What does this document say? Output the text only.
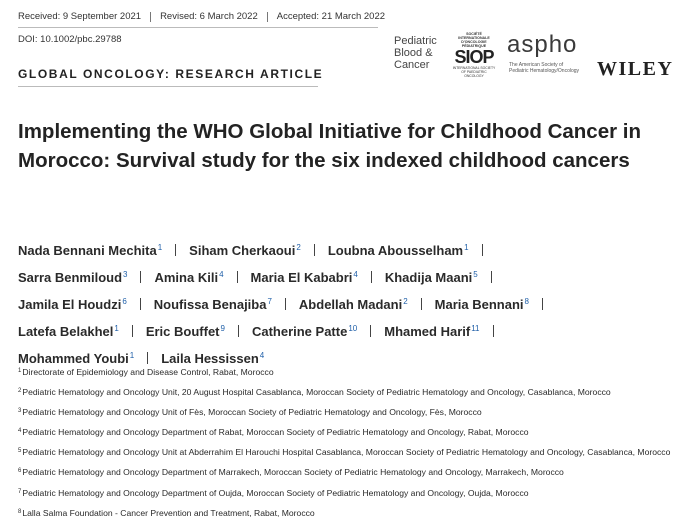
Received: 9 September 2021 Revised: 6 March 2022 Accepted: 21 March 2022
DOI: 10.1002/pbc.29788
GLOBAL ONCOLOGY: RESEARCH ARTICLE
Pediatric
Blood &
Cancer
SOCIÉTÉ INTERNATIONALE D'ONCOLOGIE PÉDIATRIQUE
SIOP
INTERNATIONAL SOCIETY OF PAEDIATRIC ONCOLOGY
aspho
The American Society of
Pediatric Hematology/Oncology WILEY
Implementing the WHO Global Initiative for Childhood Cancer in Morocco: Survival study for the six indexed childhood cancers
Nada Bennani Mechita$^1$ Siham Cherkaoui$^2$ Loubna Abousselham$^1$
Sarra Benmiloud$^3$ Amina Kili$^4$ Maria El Kababri$^4$ Khadija Maani$^5$
Jamila El Houdzi$^6$ Noufissa Benajiba$^7$ Abdellah Madani$^2$ Maria Bennani$^8$
Latefa Belakhel$^1$ Eric Bouffet$^9$ Catherine Patte$^{10}$ Mhamed Harif$^{11}$
Mohammed Youbi$^1$ Laila Hessissen$^4$

$^1$Directorate of Epidemiology and Disease Control, Rabat, Morocco

$^2$Pediatric Hematology and Oncology Unit, 20 August Hospital Casablanca, Moroccan Society of Pediatric Hematology and Oncology, Casablanca, Morocco

$^3$Pediatric Hematology and Oncology Unit of Fès, Moroccan Society of Pediatric Hematology and Oncology, Fès, Morocco

$^4$Pediatric Hematology and Oncology Department of Rabat, Moroccan Society of Pediatric Hematology and Oncology, Rabat, Morocco

$^5$Pediatric Hematology and Oncology Unit at Abderrahim El Harouchi Hospital Casablanca, Moroccan Society of Pediatric Hematology and Oncology, Casablanca, Morocco

$^6$Pediatric Hematology and Oncology Department of Marrakech, Moroccan Society of Pediatric Hematology and Oncology, Marrakech, Morocco

$^7$Pediatric Hematology and Oncology Department of Oujda, Moroccan Society of Pediatric Hematology and Oncology, Oujda, Morocco

$^8$Lalla Salma Foundation - Cancer Prevention and Treatment, Rabat, Morocco
